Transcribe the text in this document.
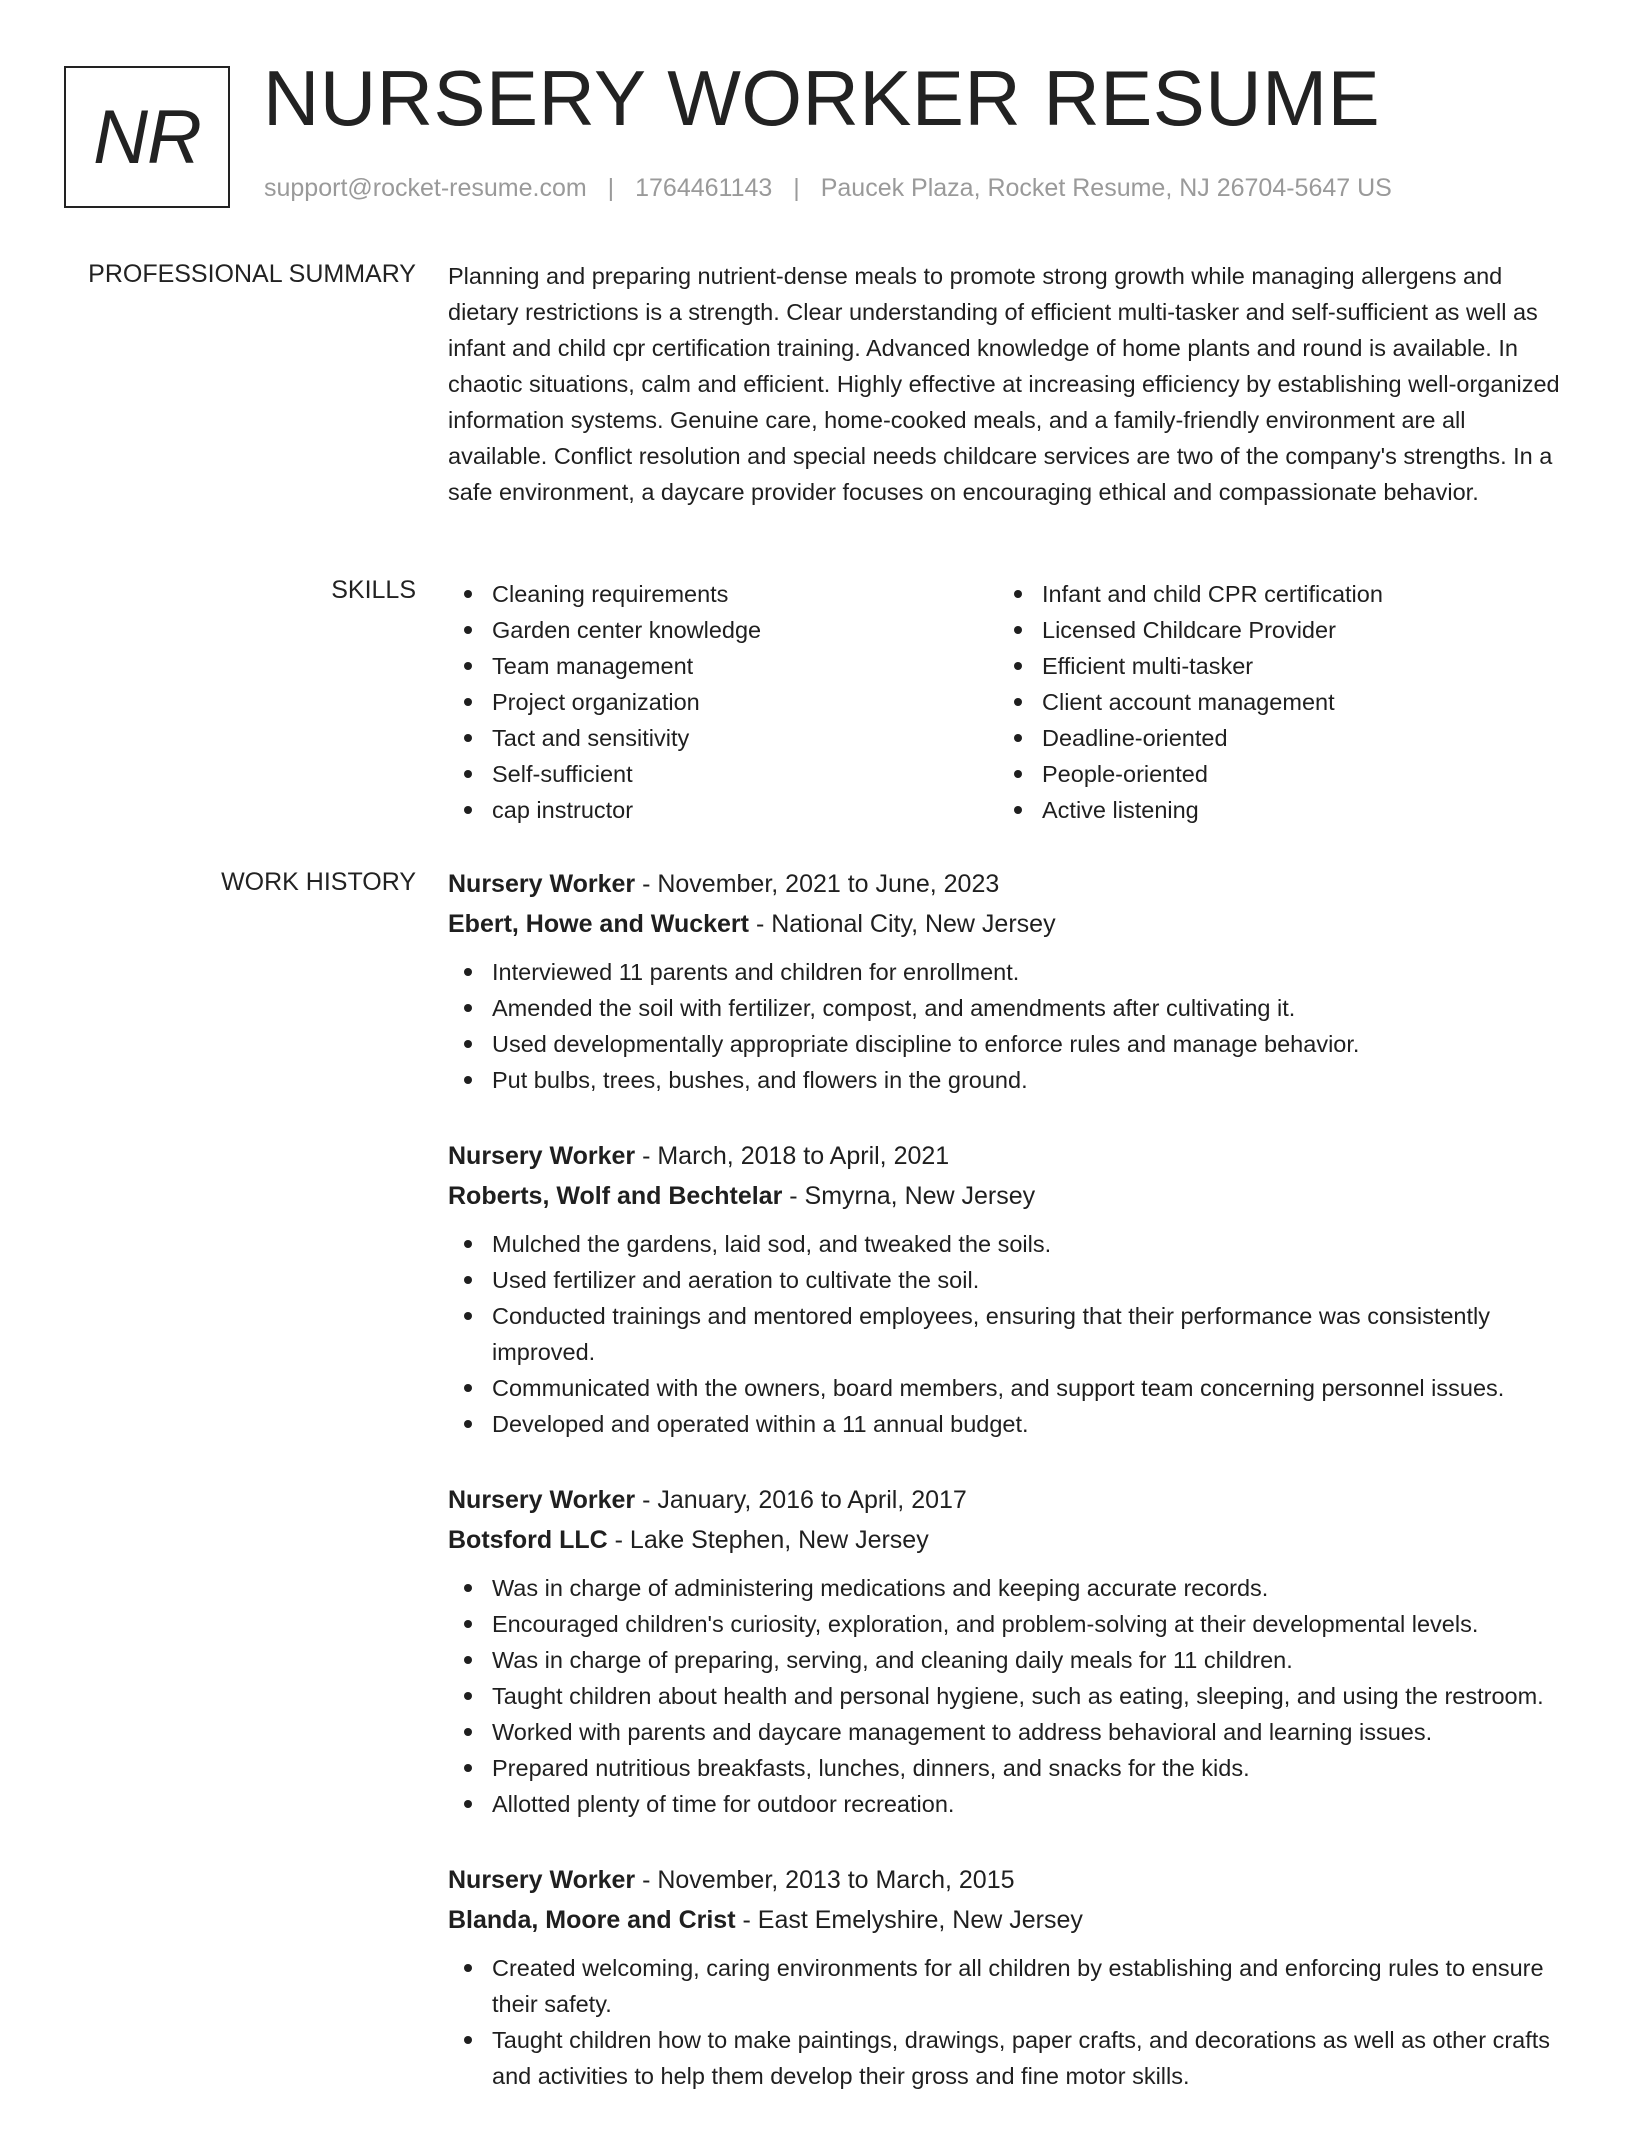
NR NURSERY WORKER RESUME
support@rocket-resume.com | 1764461143 | Paucek Plaza, Rocket Resume, NJ 26704-5647 US
PROFESSIONAL SUMMARY Planning and preparing nutrient-dense meals to promote strong growth while managing allergens and dietary restrictions is a strength. Clear understanding of efficient multi-tasker and self-sufficient as well as infant and child cpr certification training. Advanced knowledge of home plants and round is available. In chaotic situations, calm and efficient. Highly effective at increasing efficiency by establishing well-organized information systems. Genuine care, home-cooked meals, and a family-friendly environment are all available. Conflict resolution and special needs childcare services are two of the company's strengths. In a safe environment, a daycare provider focuses on encouraging ethical and compassionate behavior.

SKILLS	Cleaning requirements
Garden center knowledge
Team management
Project organization
Tact and sensitivity
Self-sufficient
cap instructor
Infant and child CPR certification
Licensed Childcare Provider
Efficient multi-tasker
Client account management
Deadline-oriented
People-oriented
Active listening
WORK HISTORY Nursery Worker - November, 2021 to June, 2023
Ebert, Howe and Wuckert - National City, New Jersey
Interviewed 11 parents and children for enrollment.
Amended the soil with fertilizer, compost, and amendments after cultivating it.
Used developmentally appropriate discipline to enforce rules and manage behavior.
Put bulbs, trees, bushes, and flowers in the ground.
Nursery Worker - March, 2018 to April, 2021
Roberts, Wolf and Bechtelar - Smyrna, New Jersey
Mulched the gardens, laid sod, and tweaked the soils.
Used fertilizer and aeration to cultivate the soil.
Conducted trainings and mentored employees, ensuring that their performance was consistently improved.
Communicated with the owners, board members, and support team concerning personnel issues.
Developed and operated within a 11 annual budget.
Nursery Worker - January, 2016 to April, 2017
Botsford LLC - Lake Stephen, New Jersey
Was in charge of administering medications and keeping accurate records.
Encouraged children's curiosity, exploration, and problem-solving at their developmental levels.
Was in charge of preparing, serving, and cleaning daily meals for 11 children.
Taught children about health and personal hygiene, such as eating, sleeping, and using the restroom.
Worked with parents and daycare management to address behavioral and learning issues.
Prepared nutritious breakfasts, lunches, dinners, and snacks for the kids.
Allotted plenty of time for outdoor recreation.
Nursery Worker - November, 2013 to March, 2015
Blanda, Moore and Crist - East Emelyshire, New Jersey
Created welcoming, caring environments for all children by establishing and enforcing rules to ensure their safety.
Taught children how to make paintings, drawings, paper crafts, and decorations as well as other crafts and activities to help them develop their gross and fine motor skills.
